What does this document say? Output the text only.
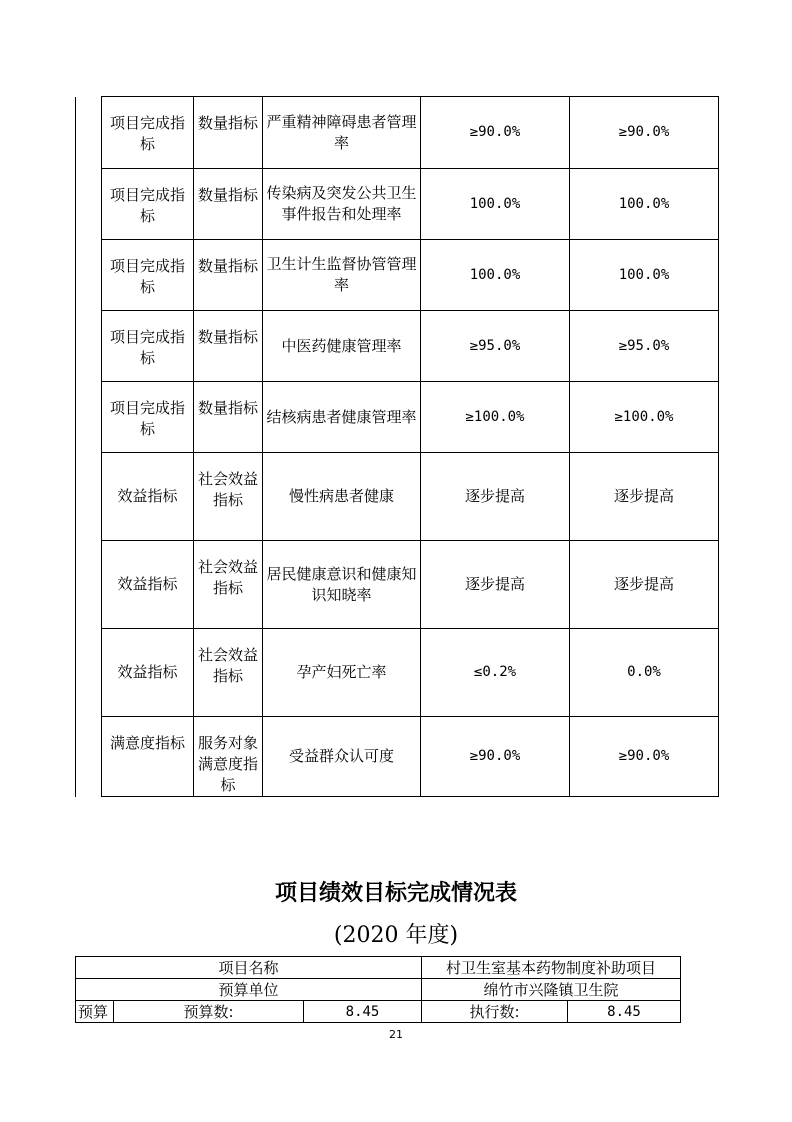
	项目完成指标	数量指标	严重精神障碍患者管理率	≥90.0%	≥90.0%
	项目完成指标	数量指标	传染病及突发公共卫生事件报告和处理率	100.0%	100.0%
	项目完成指标	数量指标	卫生计生监督协管管理率	100.0%	100.0%
	项目完成指标	数量指标	中医药健康管理率	≥95.0%	≥95.0%
	项目完成指标	数量指标	结核病患者健康管理率	≥100.0%	≥100.0%
	效益指标	社会效益指标	慢性病患者健康	逐步提高	逐步提高
	效益指标	社会效益指标	居民健康意识和健康知识知晓率	逐步提高	逐步提高
	效益指标	社会效益指标	孕产妇死亡率	≤0.2%	0.0%
	满意度指标	服务对象满意度指标	受益群众认可度	≥90.0%	≥90.0%
项目绩效目标完成情况表
(2020 年度)
项目名称			村卫生室基本药物制度补助项目	
预算单位			绵竹市兴隆镇卫生院	
预算	预算数:	8.45	执行数:	8.45
21
